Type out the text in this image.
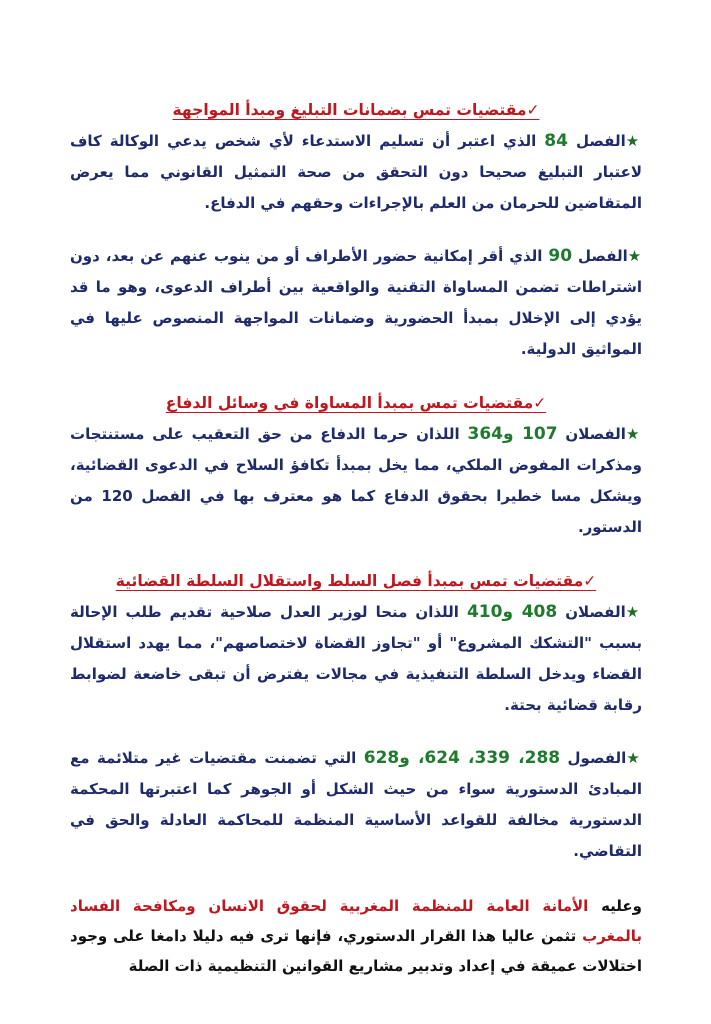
✓مقتضيات تمس بضمانات التبليغ ومبدأ المواجهة

★الفصل 84 الذي اعتبر أن تسليم الاستدعاء لأي شخص يدعي الوكالة كاف لاعتبار التبليغ صحيحا دون التحقق من صحة التمثيل القانوني مما يعرض المتقاضين للحرمان من العلم بالإجراءات وحقهم في الدفاع.

★الفصل 90 الذي أقر إمكانية حضور الأطراف أو من ينوب عنهم عن بعد، دون اشتراطات تضمن المساواة التقنية والواقعية بين أطراف الدعوى، وهو ما قد يؤدي إلى الإخلال بمبدأ الحضورية وضمانات المواجهة المنصوص عليها في المواثيق الدولية.

✓مقتضيات تمس بمبدأ المساواة في وسائل الدفاع

★الفصلان 107 و364 اللذان حرما الدفاع من حق التعقيب على مستنتجات ومذكرات المفوض الملكي، مما يخل بمبدأ تكافؤ السلاح في الدعوى القضائية، ويشكل مسا خطيرا بحقوق الدفاع كما هو معترف بها في الفصل 120 من الدستور.

✓مقتضيات تمس بمبدأ فصل السلط واستقلال السلطة القضائية

★الفصلان 408 و410 اللذان منحا لوزير العدل صلاحية تقديم طلب الإحالة بسبب "التشكك المشروع" أو "تجاوز القضاة لاختصاصهم"، مما يهدد استقلال القضاء ويدخل السلطة التنفيذية في مجالات يفترض أن تبقى خاضعة لضوابط رقابة قضائية بحتة.

★الفصول 288، 339، 624، و628 التي تضمنت مقتضيات غير متلائمة مع المبادئ الدستورية سواء من حيث الشكل أو الجوهر كما اعتبرتها المحكمة الدستورية مخالفة للقواعد الأساسية المنظمة للمحاكمة العادلة والحق في التقاضي.

وعليه الأمانة العامة للمنظمة المغربية لحقوق الانسان ومكافحة الفساد بالمغرب تثمن عاليا هذا القرار الدستوري، فإنها ترى فيه دليلا دامغا على وجود اختلالات عميقة في إعداد وتدبير مشاريع القوانين التنظيمية ذات الصلة
